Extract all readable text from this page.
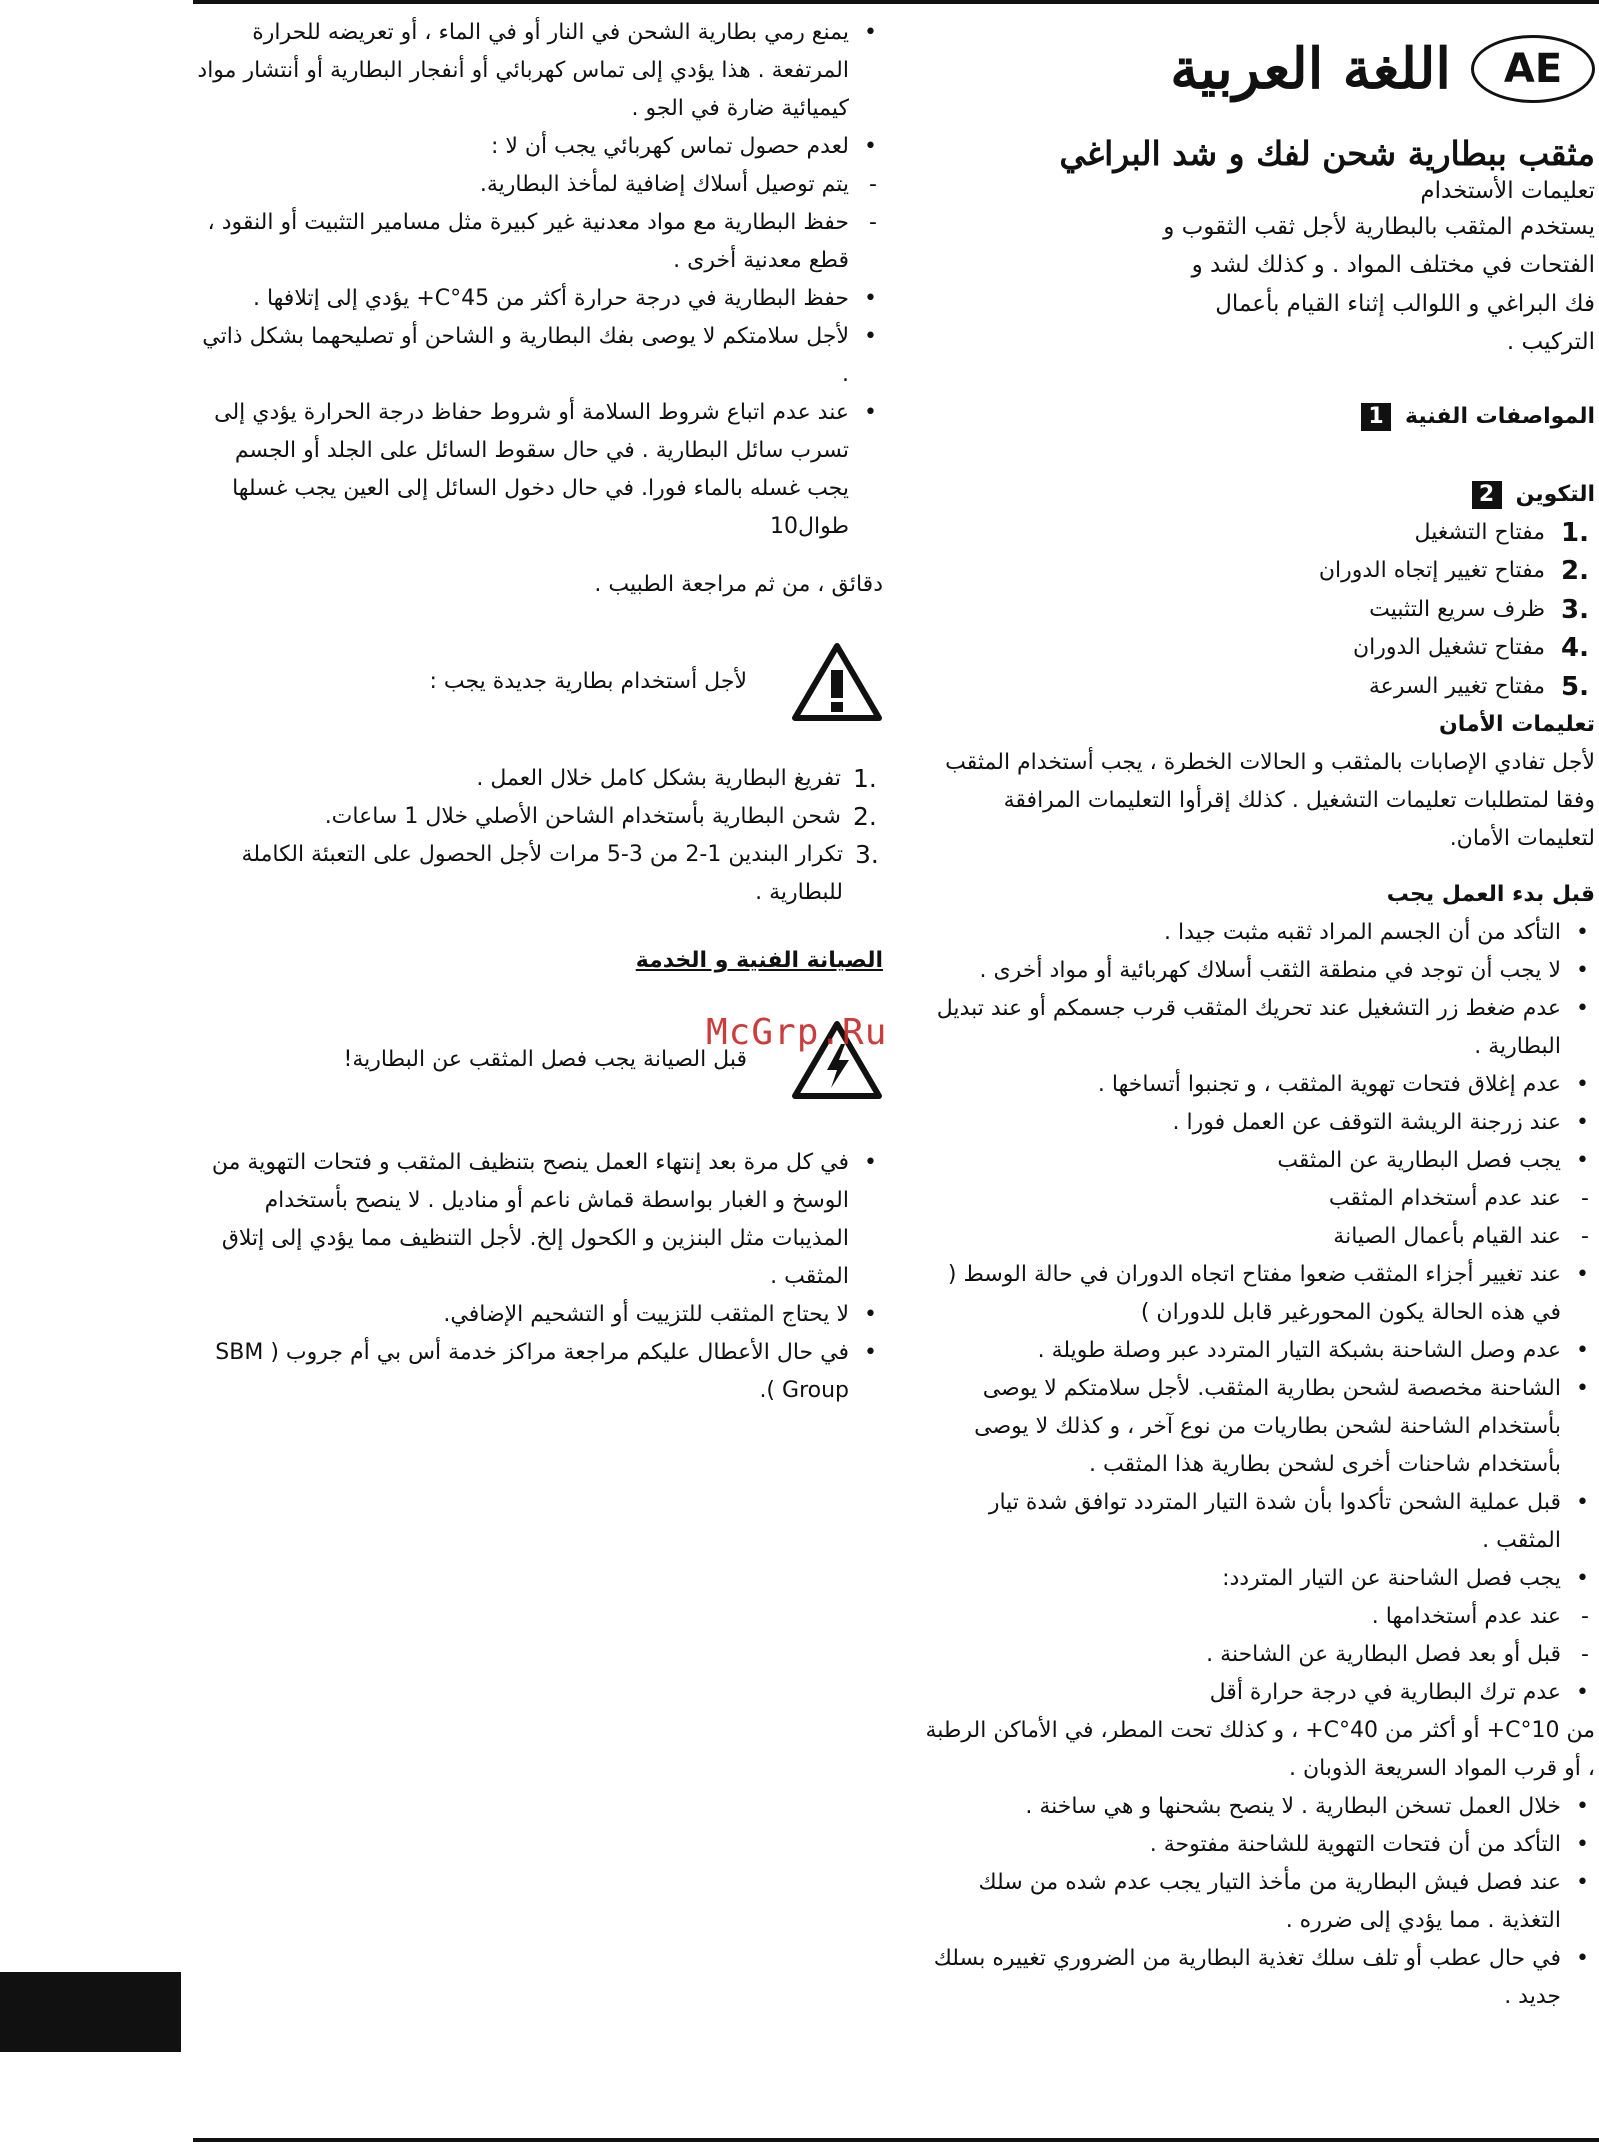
AE
اللغة العربية
مثقب ببطارية شحن لفك و شد البراغي
تعليمات الأستخدام
يستخدم المثقب بالبطارية لأجل ثقب الثقوب و الفتحات في مختلف المواد . و كذلك لشد و فك البراغي و اللوالب إثناء القيام بأعمال التركيب .
المواصفات الفنية
1
التكوين
2
1.
مفتاح التشغيل
2.
مفتاح تغيير إتجاه الدوران
3.
ظرف سريع التثبيت
4.
مفتاح تشغيل الدوران
5.
مفتاح تغيير السرعة
تعليمات الأمان

لأجل تفادي الإصابات بالمثقب و الحالات الخطرة ، يجب أستخدام المثقب وفقا لمتطلبات تعليمات التشغيل . كذلك إقرأوا التعليمات المرافقة لتعليمات الأمان.

قبل بدء العمل يجب
• التأكد من أن الجسم المراد ثقبه مثبت جيدا .
• لا يجب أن توجد في منطقة الثقب أسلاك كهربائية أو مواد أخرى .
• عدم ضغط زر التشغيل عند تحريك المثقب قرب جسمكم أو عند تبديل البطارية .
• عدم إغلاق فتحات تهوية المثقب ، و تجنبوا أتساخها .
• عند زرجنة الريشة التوقف عن العمل فورا .
• يجب فصل البطارية عن المثقب
- عند عدم أستخدام المثقب
- عند القيام بأعمال الصيانة
• عند تغيير أجزاء المثقب ضعوا مفتاح اتجاه الدوران في حالة الوسط ( في هذه الحالة يكون المحورغير قابل للدوران )
• عدم وصل الشاحنة بشبكة التيار المتردد عبر وصلة طويلة .
• الشاحنة مخصصة لشحن بطارية المثقب. لأجل سلامتكم لا يوصى بأستخدام الشاحنة لشحن بطاريات من نوع آخر ، و كذلك لا يوصى بأستخدام شاحنات أخرى لشحن بطارية هذا المثقب .
• قبل عملية الشحن تأكدوا بأن شدة التيار المتردد توافق شدة تيار المثقب .
• يجب فصل الشاحنة عن التيار المتردد:
- عند عدم أستخدامها .
- قبل أو بعد فصل البطارية عن الشاحنة .
• عدم ترك البطارية في درجة حرارة أقل
من 10°C+ أو أكثر من 40°C+ ، و كذلك تحت المطر، في الأماكن الرطبة ، أو قرب المواد السريعة الذوبان .
• خلال العمل تسخن البطارية . لا ينصح بشحنها و هي ساخنة .
• التأكد من أن فتحات التهوية للشاحنة مفتوحة .
• عند فصل فيش البطارية من مأخذ التيار يجب عدم شده من سلك التغذية . مما يؤدي إلى ضرره .
• في حال عطب أو تلف سلك تغذية البطارية من الضروري تغييره بسلك جديد .
• يمنع رمي بطارية الشحن في النار أو في الماء ، أو تعريضه للحرارة المرتفعة . هذا يؤدي إلى تماس كهربائي أو أنفجار البطارية أو أنتشار مواد كيميائية ضارة في الجو .
• لعدم حصول تماس كهربائي يجب أن لا :
- يتم توصيل أسلاك إضافية لمأخذ البطارية.
- حفظ البطارية مع مواد معدنية غير كبيرة مثل مسامير التثبيت أو النقود ، قطع معدنية أخرى .
• حفظ البطارية في درجة حرارة أكثر من 45°C+ يؤدي إلى إتلافها .
• لأجل سلامتكم لا يوصى بفك البطارية و الشاحن أو تصليحهما بشكل ذاتي .
• عند عدم اتباع شروط السلامة أو شروط حفاظ درجة الحرارة يؤدي إلى تسرب سائل البطارية . في حال سقوط السائل على الجلد أو الجسم يجب غسله بالماء فورا. في حال دخول السائل إلى العين يجب غسلها طوال10

دقائق ، من ثم مراجعة الطبيب .

لأجل أستخدام بطارية جديدة يجب :
1.
تفريغ البطارية بشكل كامل خلال العمل .
2.
شحن البطارية بأستخدام الشاحن الأصلي خلال 1 ساعات.
3.
تكرار البندين 1-2 من 3-5 مرات لأجل الحصول على التعبئة الكاملة للبطارية .
الصيانة الفنية و الخدمة
قبل الصيانة يجب فصل المثقب عن البطارية!
• في كل مرة بعد إنتهاء العمل ينصح بتنظيف المثقب و فتحات التهوية من الوسخ و الغبار بواسطة قماش ناعم أو مناديل . لا ينصح بأستخدام المذيبات مثل البنزين و الكحول إلخ. لأجل التنظيف مما يؤدي إلى إتلاق المثقب .
• لا يحتاج المثقب للتزييت أو التشحيم الإضافي.
• في حال الأعطال عليكم مراجعة مراكز خدمة أس بي أم جروب ( SBM Group ).
McGrp.Ru
